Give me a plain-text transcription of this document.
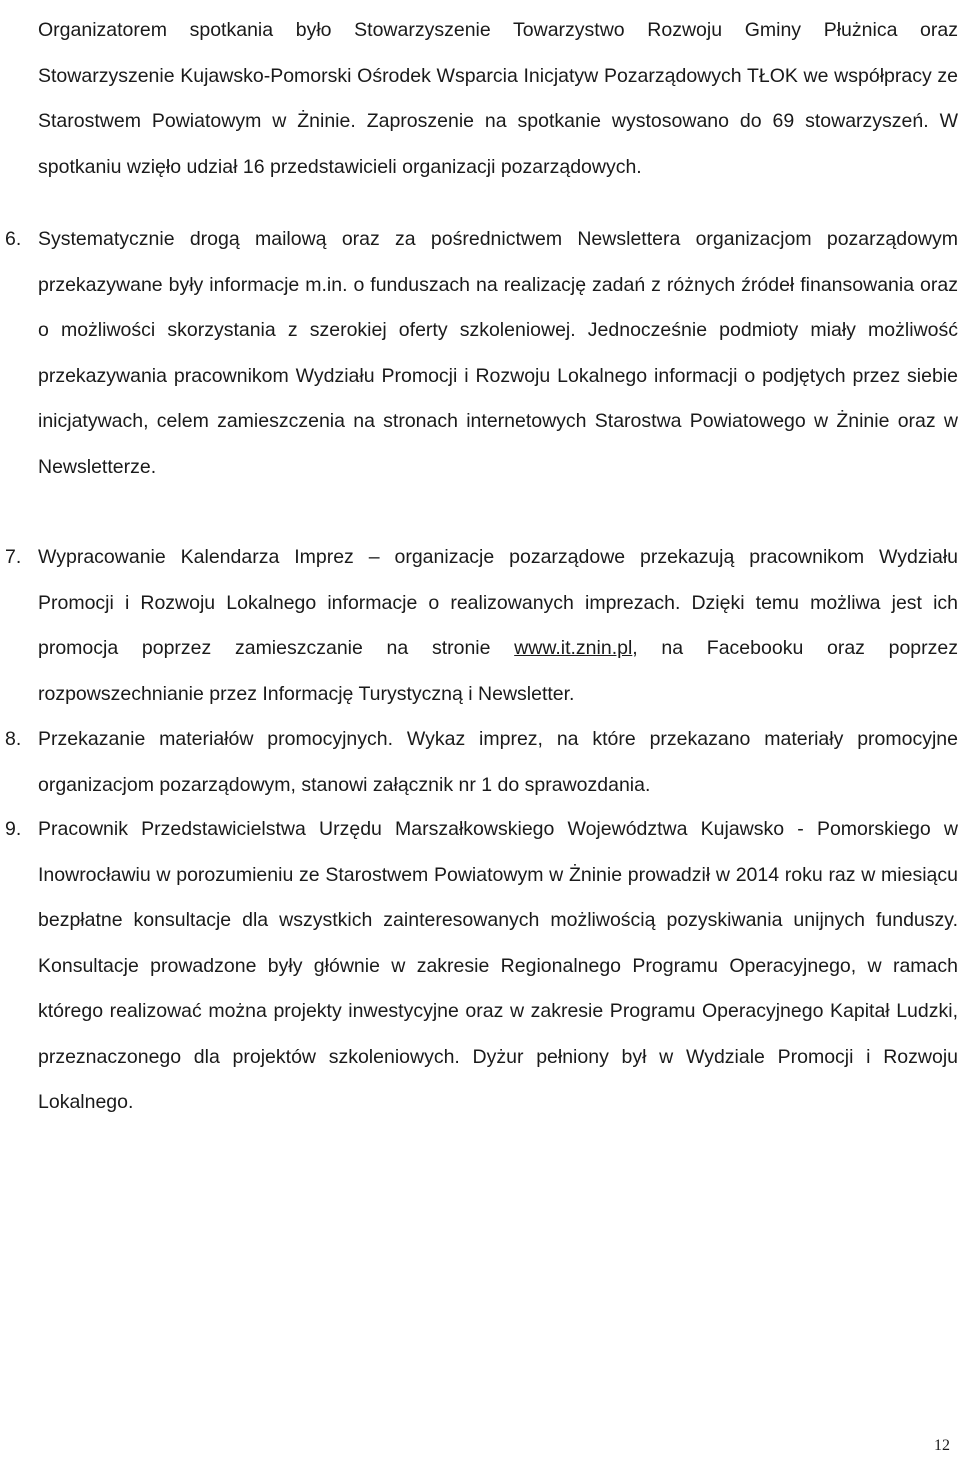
Organizatorem spotkania było Stowarzyszenie Towarzystwo Rozwoju Gminy Płużnica oraz Stowarzyszenie Kujawsko-Pomorski Ośrodek Wsparcia Inicjatyw Pozarządowych TŁOK we współpracy ze Starostwem Powiatowym w Żninie. Zaproszenie na spotkanie wystosowano do 69 stowarzyszeń. W spotkaniu wzięło udział 16 przedstawicieli organizacji pozarządowych.

6. Systematycznie drogą mailową oraz za pośrednictwem Newslettera organizacjom pozarządowym przekazywane były informacje m.in. o funduszach na realizację zadań z różnych źródeł finansowania oraz o możliwości skorzystania z szerokiej oferty szkoleniowej. Jednocześnie podmioty miały możliwość przekazywania pracownikom Wydziału Promocji i Rozwoju Lokalnego informacji o podjętych przez siebie inicjatywach, celem zamieszczenia na stronach internetowych Starostwa Powiatowego w Żninie oraz w Newsletterze.

7. Wypracowanie Kalendarza Imprez – organizacje pozarządowe przekazują pracownikom Wydziału Promocji i Rozwoju Lokalnego informacje o realizowanych imprezach. Dzięki temu możliwa jest ich promocja poprzez zamieszczanie na stronie www.it.znin.pl, na Facebooku oraz poprzez rozpowszechnianie przez Informację Turystyczną i Newsletter.

8. Przekazanie materiałów promocyjnych. Wykaz imprez, na które przekazano materiały promocyjne organizacjom pozarządowym, stanowi załącznik nr 1 do sprawozdania.

9. Pracownik Przedstawicielstwa Urzędu Marszałkowskiego Województwa Kujawsko - Pomorskiego w Inowrocławiu w porozumieniu ze Starostwem Powiatowym w Żninie prowadził w 2014 roku raz w miesiącu bezpłatne konsultacje dla wszystkich zainteresowanych możliwością pozyskiwania unijnych funduszy. Konsultacje prowadzone były głównie w zakresie Regionalnego Programu Operacyjnego, w ramach którego realizować można projekty inwestycyjne oraz w zakresie Programu Operacyjnego Kapitał Ludzki, przeznaczonego dla projektów szkoleniowych. Dyżur pełniony był w Wydziale Promocji i Rozwoju Lokalnego.

12
